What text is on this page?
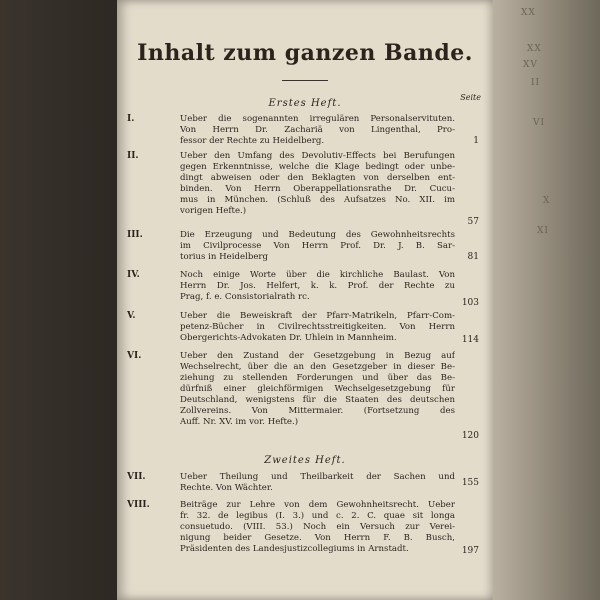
Inhalt zum ganzen Bande.
Seite
Erstes Heft.
I.	Ueber die sogenannten irregulären Personalservituten.
Von Herrn Dr. Zachariä von Lingenthal, Pro-
fessor der Rechte zu Heidelberg.	1
II.	Ueber den Umfang des Devolutiv-Effects bei Berufungen
gegen Erkenntnisse, welche die Klage bedingt oder unbe-
dingt abweisen oder den Beklagten von derselben ent-
binden. Von Herrn Oberappellationsrathe Dr. Cucu-
mus in München. (Schluß des Aufsatzes No. XII. im
vorigen Hefte.)
57
III.	Die Erzeugung und Bedeutung des Gewohnheitsrechts
im Civilprocesse Von Herrn Prof. Dr. J. B. Sar-
torius in Heidelberg	81
IV.	Noch einige Worte über die kirchliche Baulast. Von
Herrn Dr. Jos. Helfert, k. k. Prof. der Rechte zu
Prag, f. e. Consistorialrath rc.
103
V.	Ueber die Beweiskraft der Pfarr-Matrikeln, Pfarr-Com-
petenz-Bücher in Civilrechtsstreitigkeiten. Von Herrn
Obergerichts-Advokaten Dr. Uhlein in Mannheim.	114
VI.	Ueber den Zustand der Gesetzgebung in Bezug auf
Wechselrecht, über die an den Gesetzgeber in dieser Be-
ziehung zu stellenden Forderungen und über das Be-
dürfniß einer gleichförmigen Wechselgesetzgebung für
Deutschland, wenigstens für die Staaten des deutschen
Zollvereins. Von Mittermaier. (Fortsetzung des
Auff. Nr. XV. im vor. Hefte.)
120
Zweites Heft.
VII.	Ueber Theilung und Theilbarkeit der Sachen und
Rechte. Von Wächter.	155
VIII.	Beiträge zur Lehre von dem Gewohnheitsrecht. Ueber
fr. 32. de legibus (I. 3.) und c. 2. C. quae sit longa
consuetudo. (VIII. 53.) Noch ein Versuch zur Verei-
nigung beider Gesetze. Von Herrn F. B. Busch,
Präsidenten des Landesjustizcollegiums in Arnstadt.	197
XX
XX
XV
II
VI
X
XI
